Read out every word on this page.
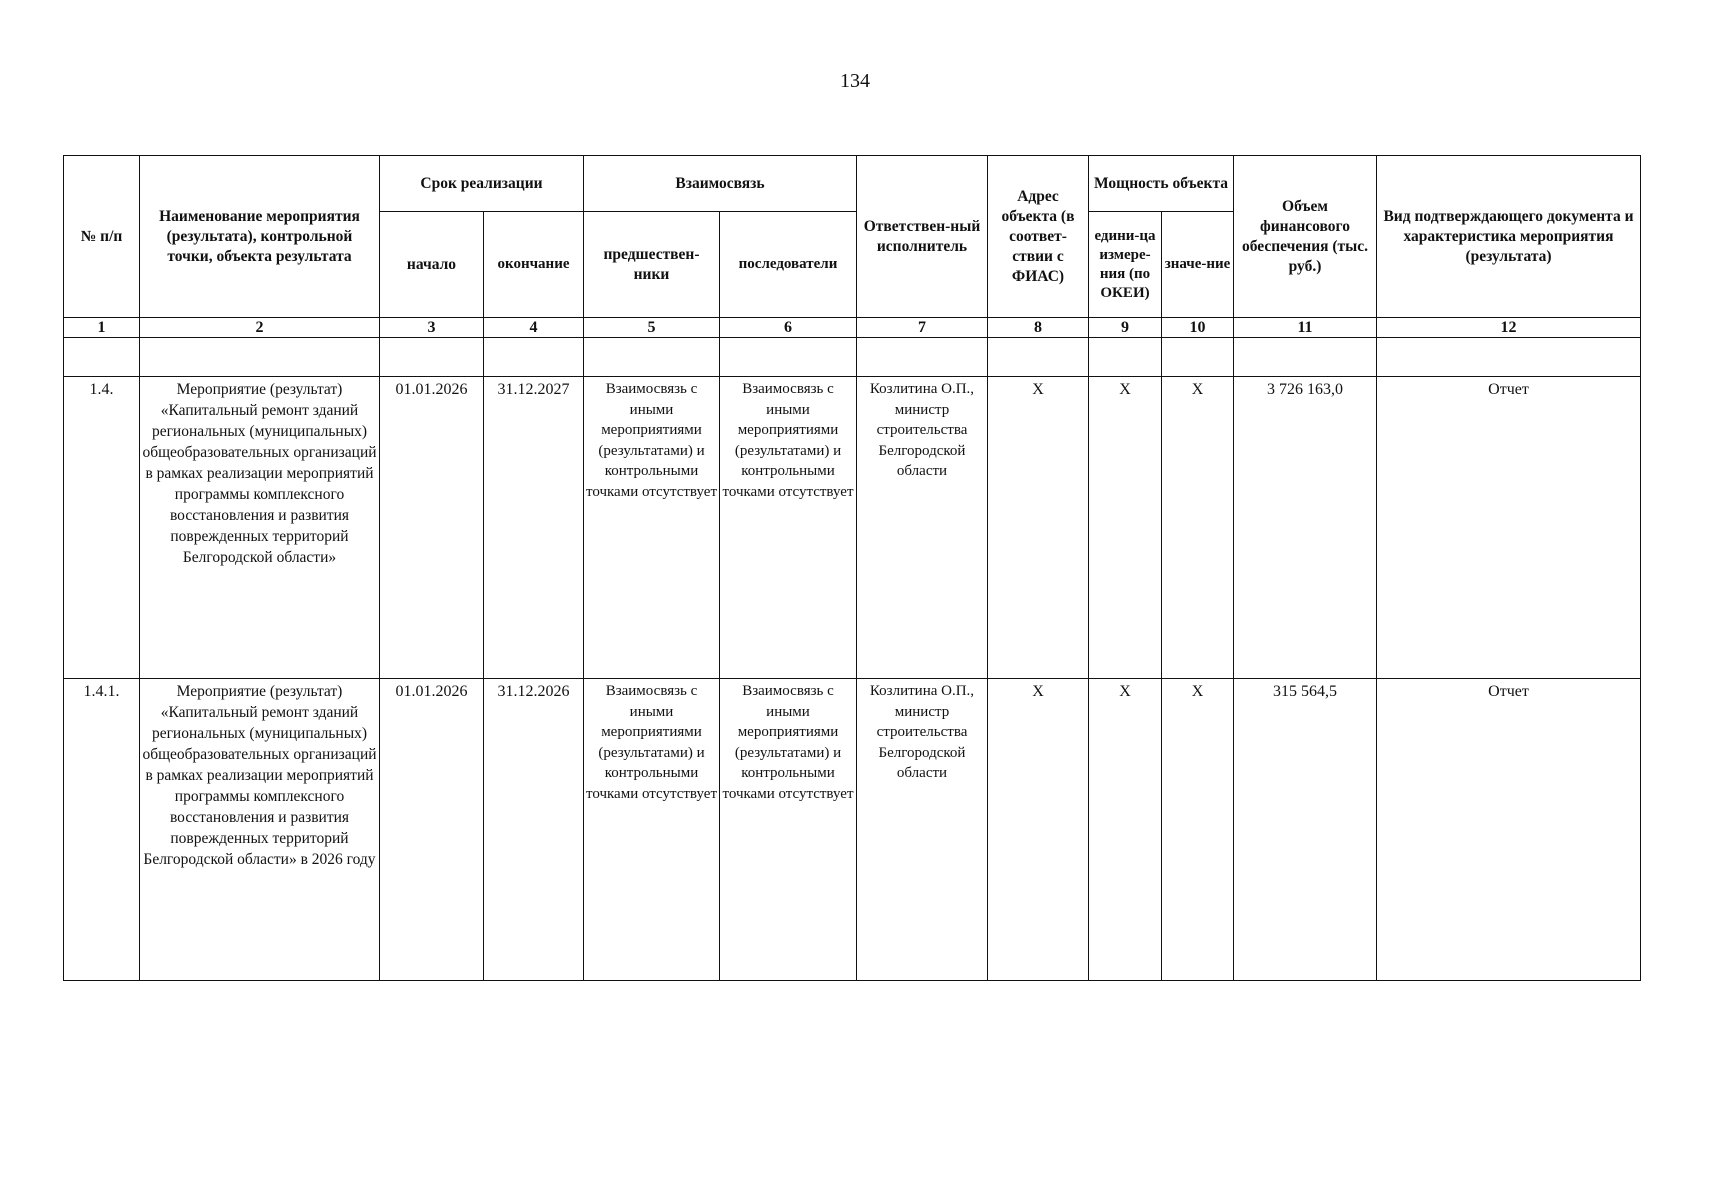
134
№ п/п	Наименование мероприятия (результата), контрольной точки, объекта результата	Срок реализации		Взаимосвязь		Ответствен-ный исполнитель	Адрес объекта (в соответ-ствии с ФИАС)	Мощность объекта		Объем финансового обеспечения (тыс. руб.)	Вид подтверждающего документа и характеристика мероприятия (результата)
		начало	окончание	предшествен-ники	последователи			едини-ца измере-ния (по ОКЕИ)	значе-ние		
1	2	3	4	5	6	7	8	9	10	11	12

1.4.	Мероприятие (результат) «Капитальный ремонт зданий региональных (муниципальных) общеобразовательных организаций в рамках реализации мероприятий программы комплексного восстановления и развития поврежденных территорий Белгородской области»	01.01.2026	31.12.2027	Взаимосвязь с иными мероприятиями (результатами) и контрольными точками отсутствует	Взаимосвязь с иными мероприятиями (результатами) и контрольными точками отсутствует	Козлитина О.П., министр строительства Белгородской области	X	X	X	3 726 163,0	Отчет
1.4.1.	Мероприятие (результат) «Капитальный ремонт зданий региональных (муниципальных) общеобразовательных организаций в рамках реализации мероприятий программы комплексного восстановления и развития поврежденных территорий Белгородской области» в 2026 году	01.01.2026	31.12.2026	Взаимосвязь с иными мероприятиями (результатами) и контрольными точками отсутствует	Взаимосвязь с иными мероприятиями (результатами) и контрольными точками отсутствует	Козлитина О.П., министр строительства Белгородской области	X	X	X	315 564,5	Отчет
